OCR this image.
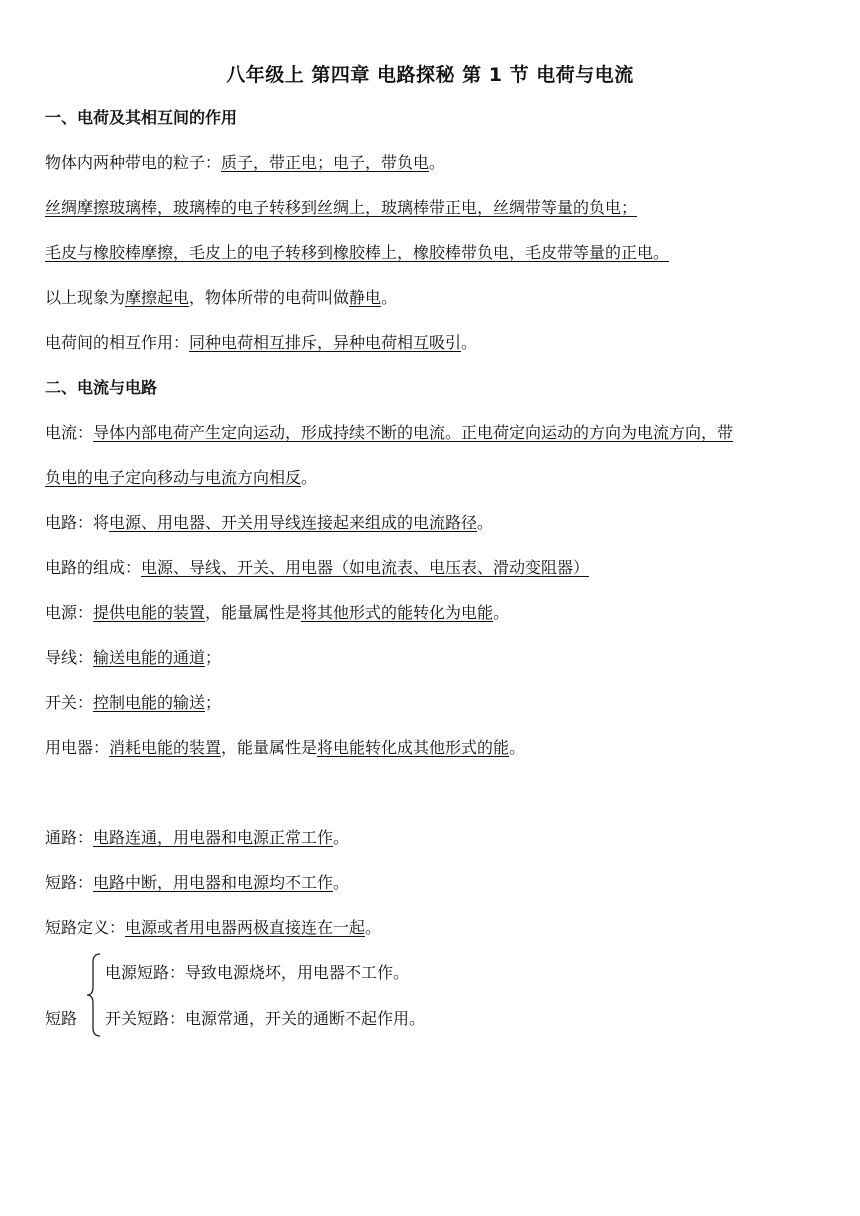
八年级上 第四章 电路探秘 第 1 节 电荷与电流
一、电荷及其相互间的作用
物体内两种带电的粒子：质子，带正电；电子，带负电。
丝绸摩擦玻璃棒，玻璃棒的电子转移到丝绸上，玻璃棒带正电，丝绸带等量的负电；
毛皮与橡胶棒摩擦，毛皮上的电子转移到橡胶棒上，橡胶棒带负电，毛皮带等量的正电。
以上现象为摩擦起电，物体所带的电荷叫做静电。
电荷间的相互作用：同种电荷相互排斥，异种电荷相互吸引。
二、电流与电路
电流：导体内部电荷产生定向运动，形成持续不断的电流。正电荷定向运动的方向为电流方向，带
负电的电子定向移动与电流方向相反。
电路：将电源、用电器、开关用导线连接起来组成的电流路径。
电路的组成：电源、导线、开关、用电器（如电流表、电压表、滑动变阻器）
电源：提供电能的装置，能量属性是将其他形式的能转化为电能。
导线：输送电能的通道；
开关：控制电能的输送；
用电器：消耗电能的装置，能量属性是将电能转化成其他形式的能。
通路：电路连通，用电器和电源正常工作。
短路：电路中断，用电器和电源均不工作。
短路定义：电源或者用电器两极直接连在一起。
短路
电源短路：导致电源烧坏，用电器不工作。
开关短路：电源常通，开关的通断不起作用。
